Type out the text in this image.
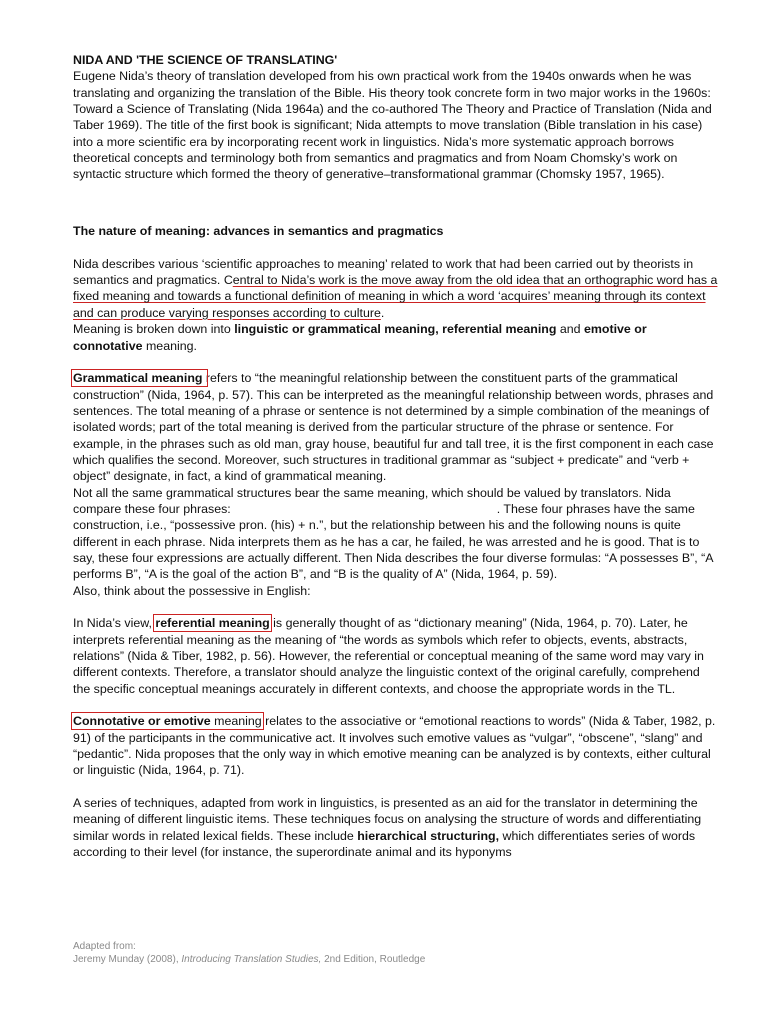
NIDA AND 'THE SCIENCE OF TRANSLATING'

Eugene Nida’s theory of translation developed from his own practical work from the 1940s onwards when he was translating and organizing the translation of the Bible. His theory took concrete form in two major works in the 1960s: Toward a Science of Translating (Nida 1964a) and the co-authored The Theory and Practice of Translation (Nida and Taber 1969). The title of the first book is significant; Nida attempts to move translation (Bible translation in his case) into a more scientific era by incorporating recent work in linguistics. Nida’s more systematic approach borrows theoretical concepts and terminology both from semantics and pragmatics and from Noam Chomsky’s work on syntactic structure which formed the theory of generative–transformational grammar (Chomsky 1957, 1965).

The nature of meaning: advances in semantics and pragmatics

Nida describes various ‘scientific approaches to meaning’ related to work that had been carried out by theorists in semantics and pragmatics. Central to Nida’s work is the move away from the old idea that an orthographic word has a fixed meaning and towards a functional definition of meaning in which a word ‘acquires’ meaning through its context and can produce varying responses according to culture.

Meaning is broken down into linguistic or grammatical meaning, referential meaning and emotive or connotative meaning.

Grammatical meaning refers to “the meaningful relationship between the constituent parts of the grammatical construction” (Nida, 1964, p. 57). This can be interpreted as the meaningful relationship between words, phrases and sentences. The total meaning of a phrase or sentence is not determined by a simple combination of the meanings of isolated words; part of the total meaning is derived from the particular structure of the phrase or sentence. For example, in the phrases such as old man, gray house, beautiful fur and tall tree, it is the first component in each case which qualifies the second. Moreover, such structures in traditional grammar as “subject + predicate” and “verb + object” designate, in fact, a kind of grammatical meaning.

Not all the same grammatical structures bear the same meaning, which should be valued by translators. Nida compare these four phrases:	. These four phrases have the same construction, i.e., “possessive pron. (his) + n.”, but the relationship between his and the following nouns is quite different in each phrase. Nida interprets them as he has a car, he failed, he was arrested and he is good. That is to say, these four expressions are actually different. Then Nida describes the four diverse formulas: “A possesses B”, “A performs B”, “A is the goal of the action B”, and “B is the quality of A” (Nida, 1964, p. 59).

Also, think about the possessive in English:

In Nida’s view, referential meaning is generally thought of as “dictionary meaning” (Nida, 1964, p. 70). Later, he interprets referential meaning as the meaning of “the words as symbols which refer to objects, events, abstracts, relations” (Nida & Tiber, 1982, p. 56). However, the referential or conceptual meaning of the same word may vary in different contexts. Therefore, a translator should analyze the linguistic context of the original carefully, comprehend the specific conceptual meanings accurately in different contexts, and choose the appropriate words in the TL.

Connotative or emotive meaning relates to the associative or “emotional reactions to words” (Nida & Taber, 1982, p. 91) of the participants in the communicative act. It involves such emotive values as “vulgar”, “obscene”, “slang” and “pedantic”. Nida proposes that the only way in which emotive meaning can be analyzed is by contexts, either cultural or linguistic (Nida, 1964, p. 71).

A series of techniques, adapted from work in linguistics, is presented as an aid for the translator in determining the meaning of different linguistic items. These techniques focus on analysing the structure of words and differentiating similar words in related lexical fields. These include hierarchical structuring, which differentiates series of words according to their level (for instance, the superordinate animal and its hyponyms

Adapted from:
Jeremy Munday (2008), Introducing Translation Studies, 2nd Edition, Routledge
